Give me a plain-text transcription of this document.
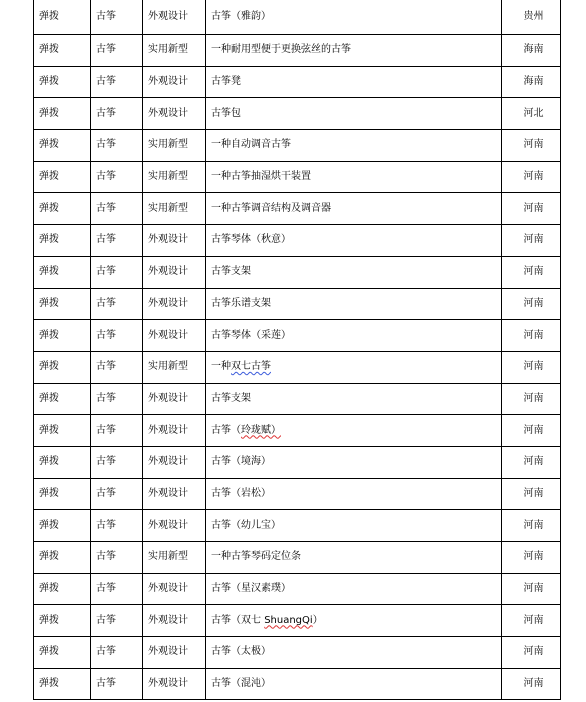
弹拨	古筝	外观设计	古筝（雅韵）	贵州
弹拨	古筝	实用新型	一种耐用型便于更换弦丝的古筝	海南
弹拨	古筝	外观设计	古筝凳	海南
弹拨	古筝	外观设计	古筝包	河北
弹拨	古筝	实用新型	一种自动调音古筝	河南
弹拨	古筝	实用新型	一种古筝抽湿烘干装置	河南
弹拨	古筝	实用新型	一种古筝调音结构及调音器	河南
弹拨	古筝	外观设计	古筝琴体（秋意）	河南
弹拨	古筝	外观设计	古筝支架	河南
弹拨	古筝	外观设计	古筝乐谱支架	河南
弹拨	古筝	外观设计	古筝琴体（采莲）	河南
弹拨	古筝	实用新型	一种双七古筝	河南
弹拨	古筝	外观设计	古筝支架	河南
弹拨	古筝	外观设计	古筝（玲珑赋）	河南
弹拨	古筝	外观设计	古筝（境海）	河南
弹拨	古筝	外观设计	古筝（岩松）	河南
弹拨	古筝	外观设计	古筝（幼儿宝）	河南
弹拨	古筝	实用新型	一种古筝琴码定位条	河南
弹拨	古筝	外观设计	古筝（星汉素璞）	河南
弹拨	古筝	外观设计	古筝（双七 ShuangQi）	河南
弹拨	古筝	外观设计	古筝（太极）	河南
弹拨	古筝	外观设计	古筝（混沌）	河南
